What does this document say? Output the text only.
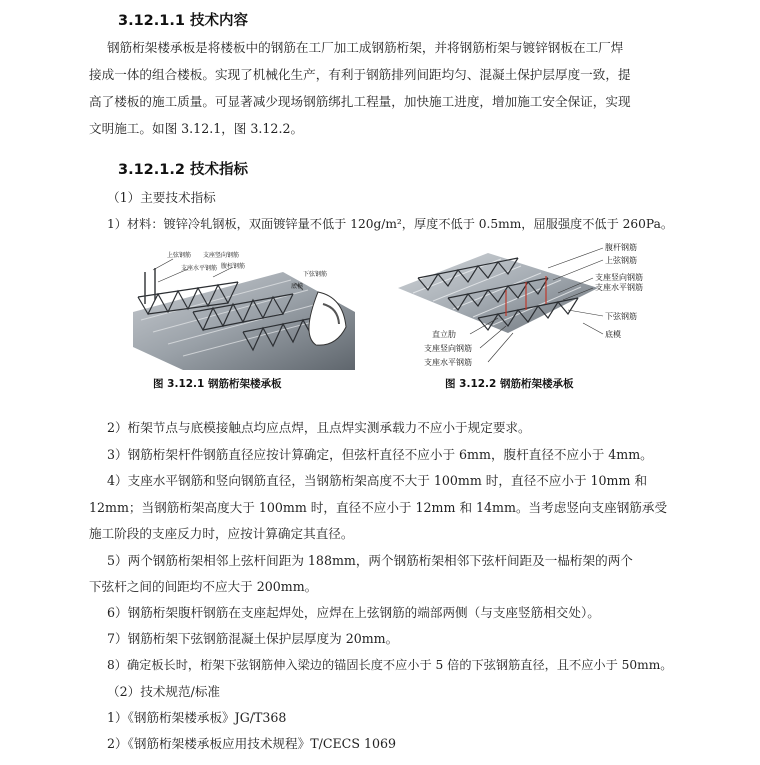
3.12.1.1 技术内容
钢筋桁架楼承板是将楼板中的钢筋在工厂加工成钢筋桁架，并将钢筋桁架与镀锌钢板在工厂焊
接成一体的组合楼板。实现了机械化生产，有利于钢筋排列间距均匀、混凝土保护层厚度一致，提
高了楼板的施工质量。可显著减少现场钢筋绑扎工程量，加快施工进度，增加施工安全保证，实现
文明施工。如图 3.12.1，图 3.12.2。
3.12.1.2 技术指标
（1）主要技术指标
1）材料：镀锌冷轧钢板，双面镀锌量不低于 120g/m²，厚度不低于 0.5mm，屈服强度不低于 260Pa。
上弦钢筋 支座竖向钢筋
支座水平钢筋 腹杆钢筋
下弦钢筋
底模
图 3.12.1 钢筋桁架楼承板
腹杆钢筋
上弦钢筋
支座竖向钢筋
支座水平钢筋
下弦钢筋
底模
直立肋
支座竖向钢筋
支座水平钢筋
图 3.12.2 钢筋桁架楼承板
2）桁架节点与底模接触点均应点焊，且点焊实测承载力不应小于规定要求。
3）钢筋桁架杆件钢筋直径应按计算确定，但弦杆直径不应小于 6mm，腹杆直径不应小于 4mm。
4）支座水平钢筋和竖向钢筋直径，当钢筋桁架高度不大于 100mm 时，直径不应小于 10mm 和
12mm；当钢筋桁架高度大于 100mm 时，直径不应小于 12mm 和 14mm。当考虑竖向支座钢筋承受
施工阶段的支座反力时，应按计算确定其直径。
5）两个钢筋桁架相邻上弦杆间距为 188mm，两个钢筋桁架相邻下弦杆间距及一榀桁架的两个
下弦杆之间的间距均不应大于 200mm。
6）钢筋桁架腹杆钢筋在支座起焊处，应焊在上弦钢筋的端部两侧（与支座竖筋相交处）。
7）钢筋桁架下弦钢筋混凝土保护层厚度为 20mm。
8）确定板长时，桁架下弦钢筋伸入梁边的锚固长度不应小于 5 倍的下弦钢筋直径，且不应小于 50mm。
（2）技术规范/标准
1）《钢筋桁架楼承板》JG/T368
2）《钢筋桁架楼承板应用技术规程》T/CECS 1069
